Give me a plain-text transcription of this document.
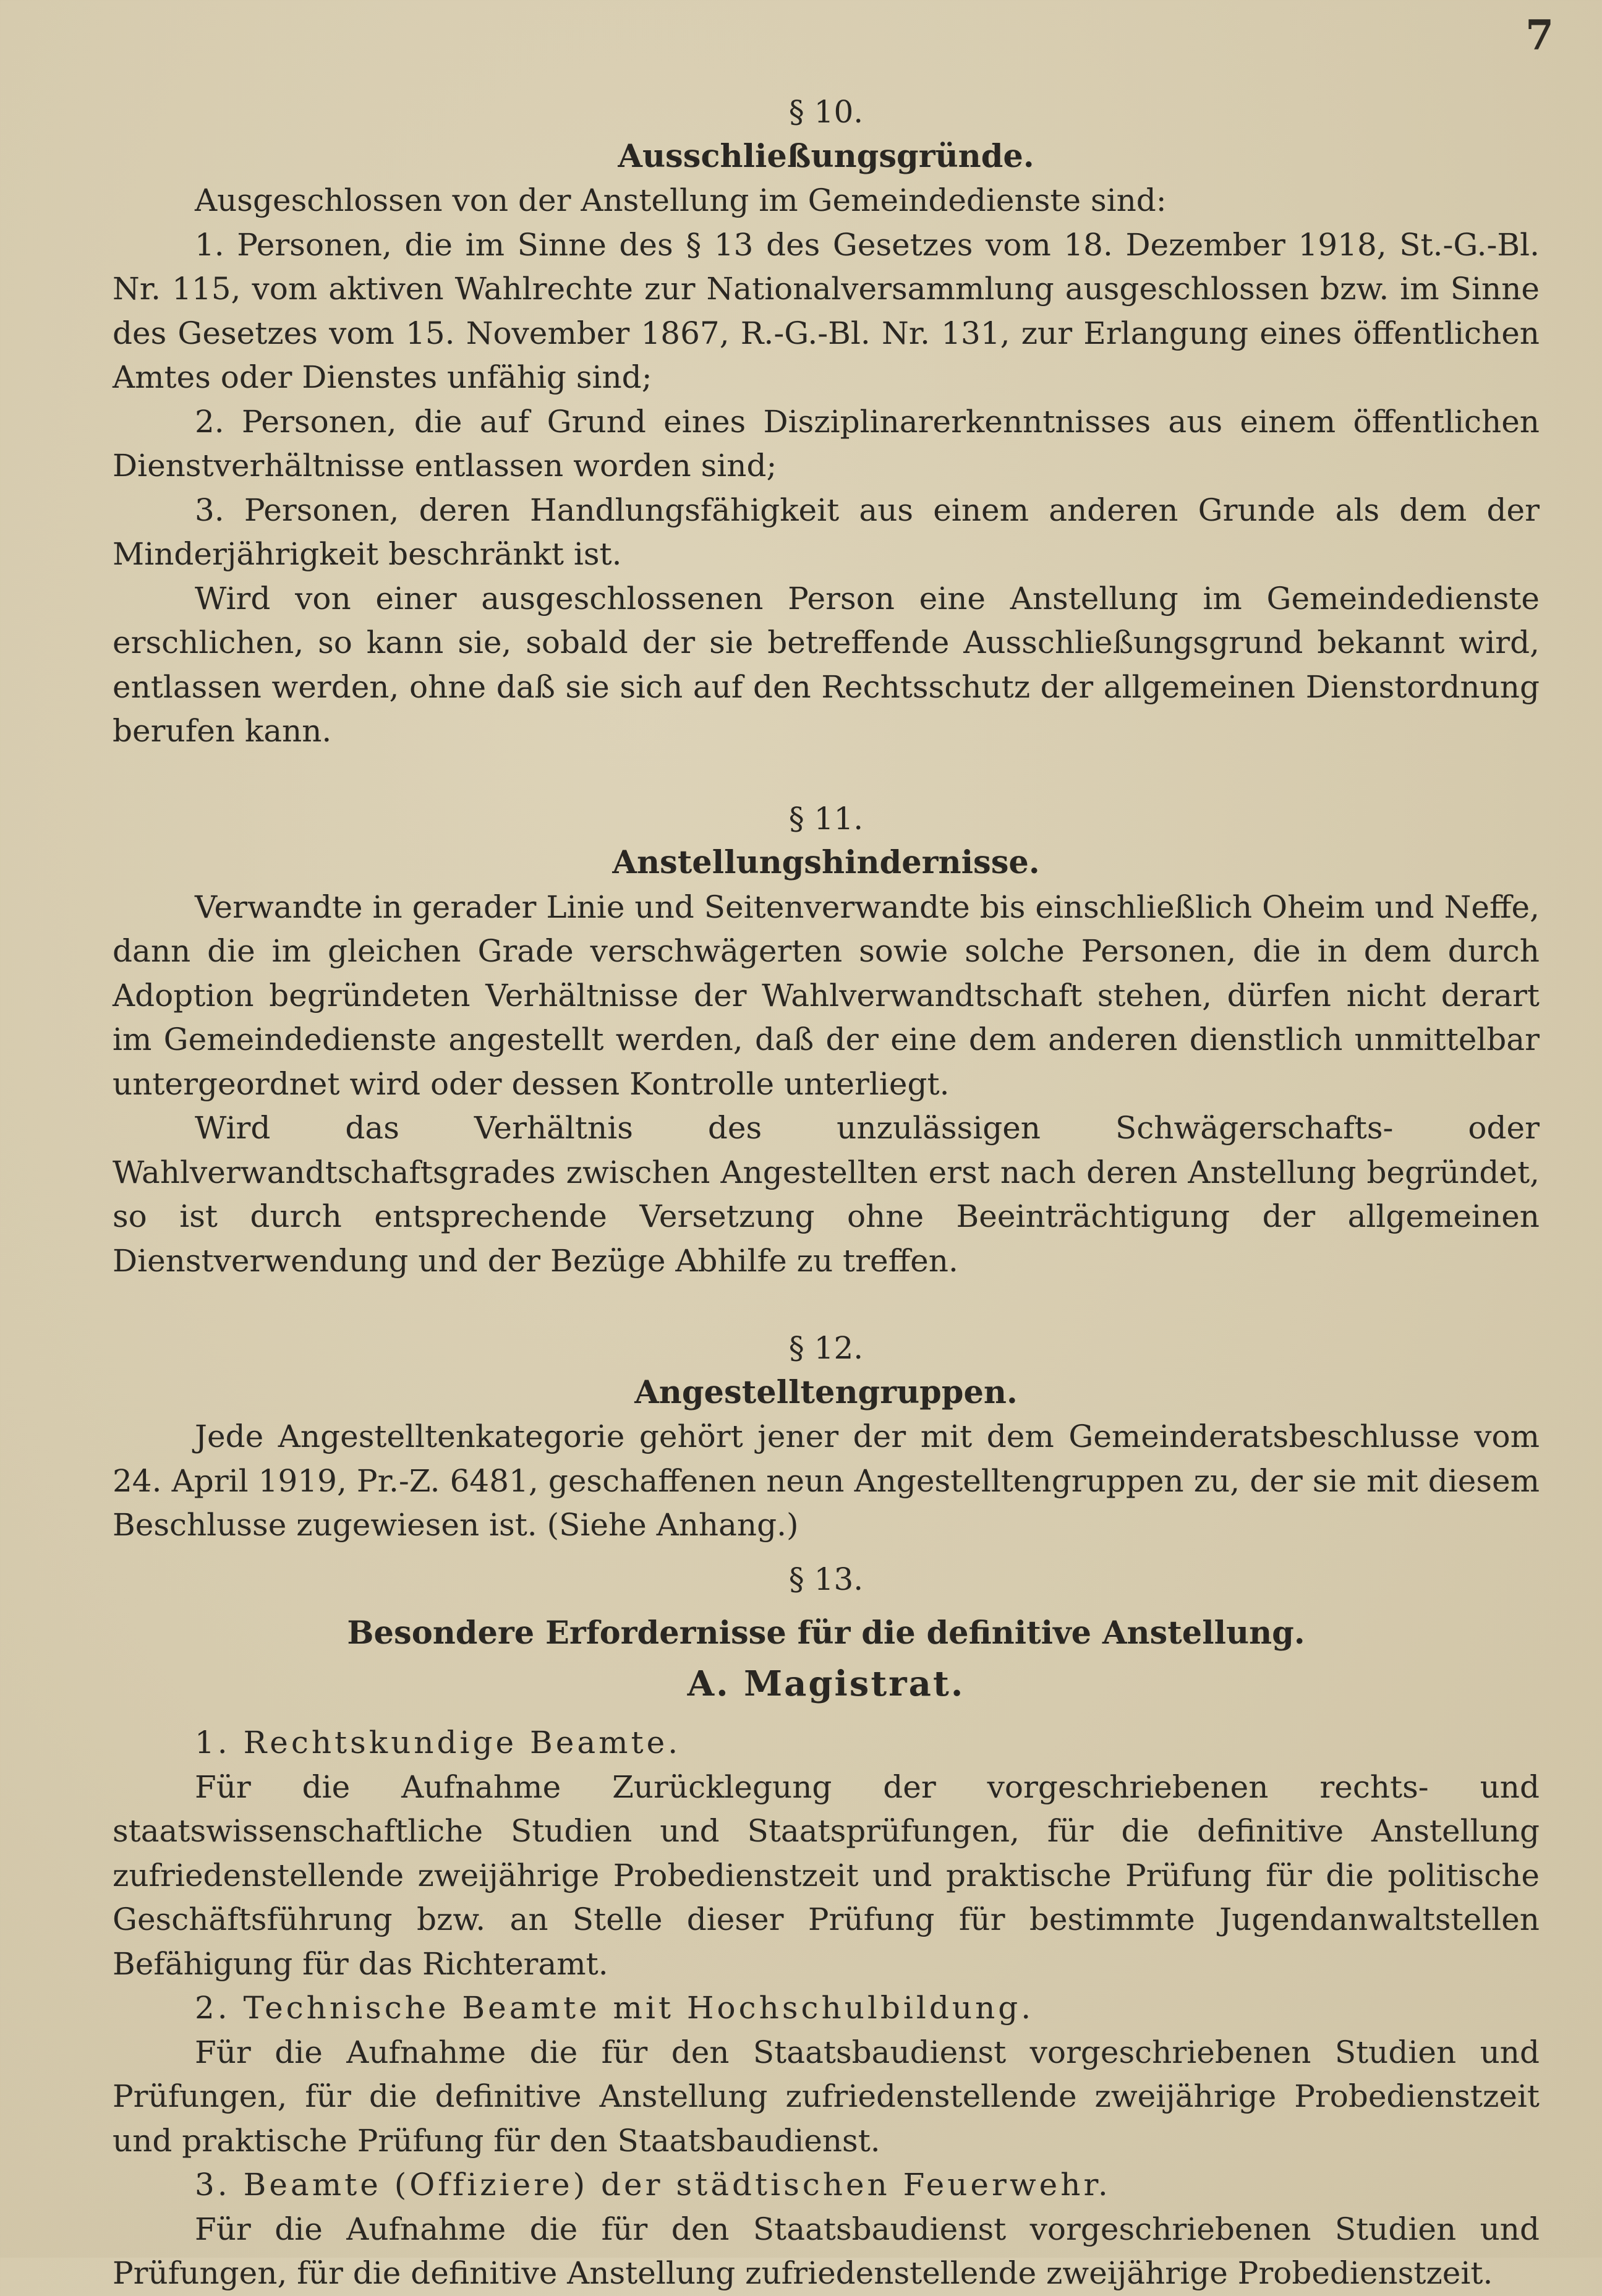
7
§ 10.
Ausschließungsgründe.

Ausgeschlossen von der Anstellung im Gemeindedienste sind:

1. Personen, die im Sinne des § 13 des Gesetzes vom 18. Dezember 1918, St.-G.-Bl. Nr. 115, vom aktiven Wahlrechte zur Nationalversammlung ausgeschlossen bzw. im Sinne des Gesetzes vom 15. November 1867, R.-G.-Bl. Nr. 131, zur Erlangung eines öffentlichen Amtes oder Dienstes unfähig sind;

2. Personen, die auf Grund eines Disziplinarerkenntnisses aus einem öffentlichen Dienstverhältnisse entlassen worden sind;

3. Personen, deren Handlungsfähigkeit aus einem anderen Grunde als dem der Minderjährigkeit beschränkt ist.

Wird von einer ausgeschlossenen Person eine Anstellung im Gemeindedienste erschlichen, so kann sie, sobald der sie betreffende Ausschließungsgrund bekannt wird, entlassen werden, ohne daß sie sich auf den Rechtsschutz der allgemeinen Dienstordnung berufen kann.

§ 11.
Anstellungshindernisse.

Verwandte in gerader Linie und Seitenverwandte bis einschließlich Oheim und Neffe, dann die im gleichen Grade verschwägerten sowie solche Personen, die in dem durch Adoption begründeten Verhältnisse der Wahlverwandtschaft stehen, dürfen nicht derart im Gemeindedienste angestellt werden, daß der eine dem anderen dienstlich unmittelbar untergeordnet wird oder dessen Kontrolle unterliegt.

Wird das Verhältnis des unzulässigen Schwägerschafts- oder Wahlverwandtschaftsgrades zwischen Angestellten erst nach deren Anstellung begründet, so ist durch entsprechende Versetzung ohne Beeinträchtigung der allgemeinen Dienstverwendung und der Bezüge Abhilfe zu treffen.

§ 12.
Angestelltengruppen.

Jede Angestelltenkategorie gehört jener der mit dem Gemeinderatsbeschlusse vom 24. April 1919, Pr.-Z. 6481, geschaffenen neun Angestelltengruppen zu, der sie mit diesem Beschlusse zugewiesen ist. (Siehe Anhang.)

§ 13.
Besondere Erfordernisse für die definitive Anstellung.
A. Magistrat.
1. Rechtskundige Beamte.

Für die Aufnahme Zurücklegung der vorgeschriebenen rechts- und staatswissenschaftliche Studien und Staatsprüfungen, für die definitive Anstellung zufriedenstellende zweijährige Probedienstzeit und praktische Prüfung für die politische Geschäftsführung bzw. an Stelle dieser Prüfung für bestimmte Jugendanwaltstellen Befähigung für das Richteramt.

2. Technische Beamte mit Hochschulbildung.

Für die Aufnahme die für den Staatsbaudienst vorgeschriebenen Studien und Prüfungen, für die definitive Anstellung zufriedenstellende zweijährige Probedienstzeit und praktische Prüfung für den Staatsbaudienst.

3. Beamte (Offiziere) der städtischen Feuerwehr.

Für die Aufnahme die für den Staatsbaudienst vorgeschriebenen Studien und Prüfungen, für die definitive Anstellung zufriedenstellende zweijährige Probedienstzeit.
